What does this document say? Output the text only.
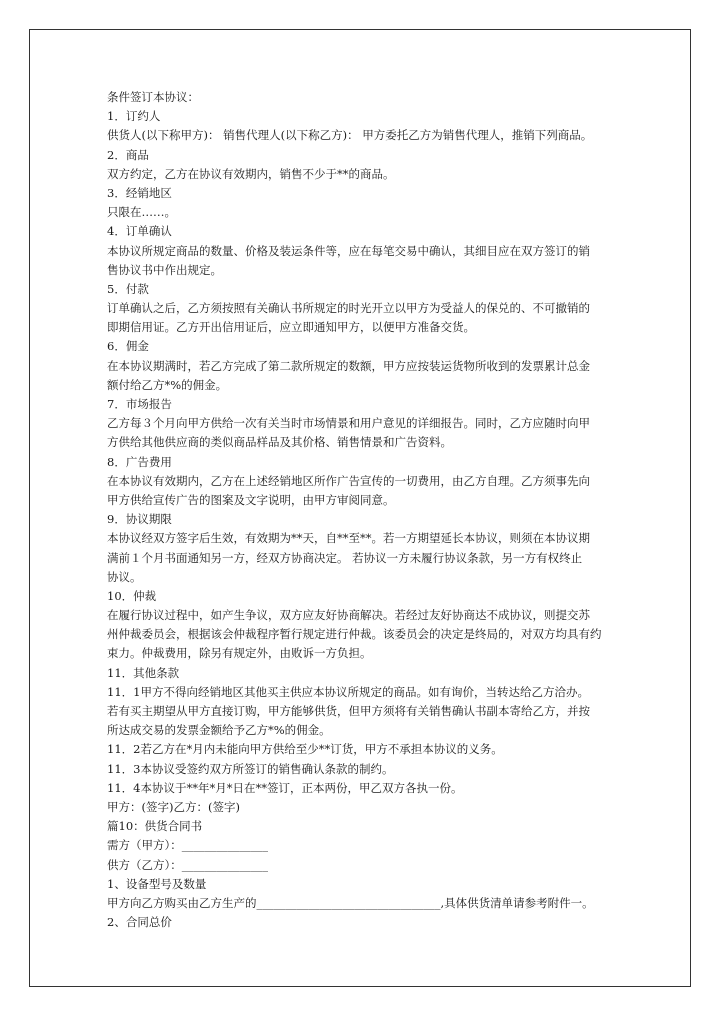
条件签订本协议：
1．订约人
供货人(以下称甲方)： 销售代理人(以下称乙方)： 甲方委托乙方为销售代理人，推销下列商品。
2．商品
双方约定，乙方在协议有效期内，销售不少于**的商品。
3．经销地区
只限在……。
4．订单确认
本协议所规定商品的数量、价格及装运条件等，应在每笔交易中确认，其细目应在双方签订的销
售协议书中作出规定。
5．付款
订单确认之后，乙方须按照有关确认书所规定的时光开立以甲方为受益人的保兑的、不可撤销的
即期信用证。乙方开出信用证后，应立即通知甲方，以便甲方准备交货。
6．佣金
在本协议期满时，若乙方完成了第二款所规定的数额，甲方应按装运货物所收到的发票累计总金
额付给乙方*%的佣金。
7．市场报告
乙方每３个月向甲方供给一次有关当时市场情景和用户意见的详细报告。同时，乙方应随时向甲
方供给其他供应商的类似商品样品及其价格、销售情景和广告资料。
8．广告费用
在本协议有效期内，乙方在上述经销地区所作广告宣传的一切费用，由乙方自理。乙方须事先向
甲方供给宣传广告的图案及文字说明，由甲方审阅同意。
9．协议期限
本协议经双方签字后生效，有效期为**天，自**至**。若一方期望延长本协议，则须在本协议期
满前１个月书面通知另一方，经双方协商决定。 若协议一方未履行协议条款，另一方有权终止
协议。
10．仲裁
在履行协议过程中，如产生争议，双方应友好协商解决。若经过友好协商达不成协议，则提交苏
州仲裁委员会，根据该会仲裁程序暂行规定进行仲裁。该委员会的决定是终局的，对双方均具有约
束力。仲裁费用，除另有规定外，由败诉一方负担。
11．其他条款
11．1甲方不得向经销地区其他买主供应本协议所规定的商品。如有询价，当转达给乙方洽办。
若有买主期望从甲方直接订购，甲方能够供货，但甲方须将有关销售确认书副本寄给乙方，并按
所达成交易的发票金额给予乙方*%的佣金。
11．2若乙方在*月内未能向甲方供给至少**订货，甲方不承担本协议的义务。
11．3本协议受签约双方所签订的销售确认条款的制约。
11．4本协议于**年*月*日在**签订，正本两份，甲乙双方各执一份。
甲方：(签字)乙方：(签字)
篇10：供货合同书
需方（甲方）：_______________
供方（乙方）：_______________
1、设备型号及数量
甲方向乙方购买由乙方生产的________________________________,具体供货清单请参考附件一。
2、合同总价
